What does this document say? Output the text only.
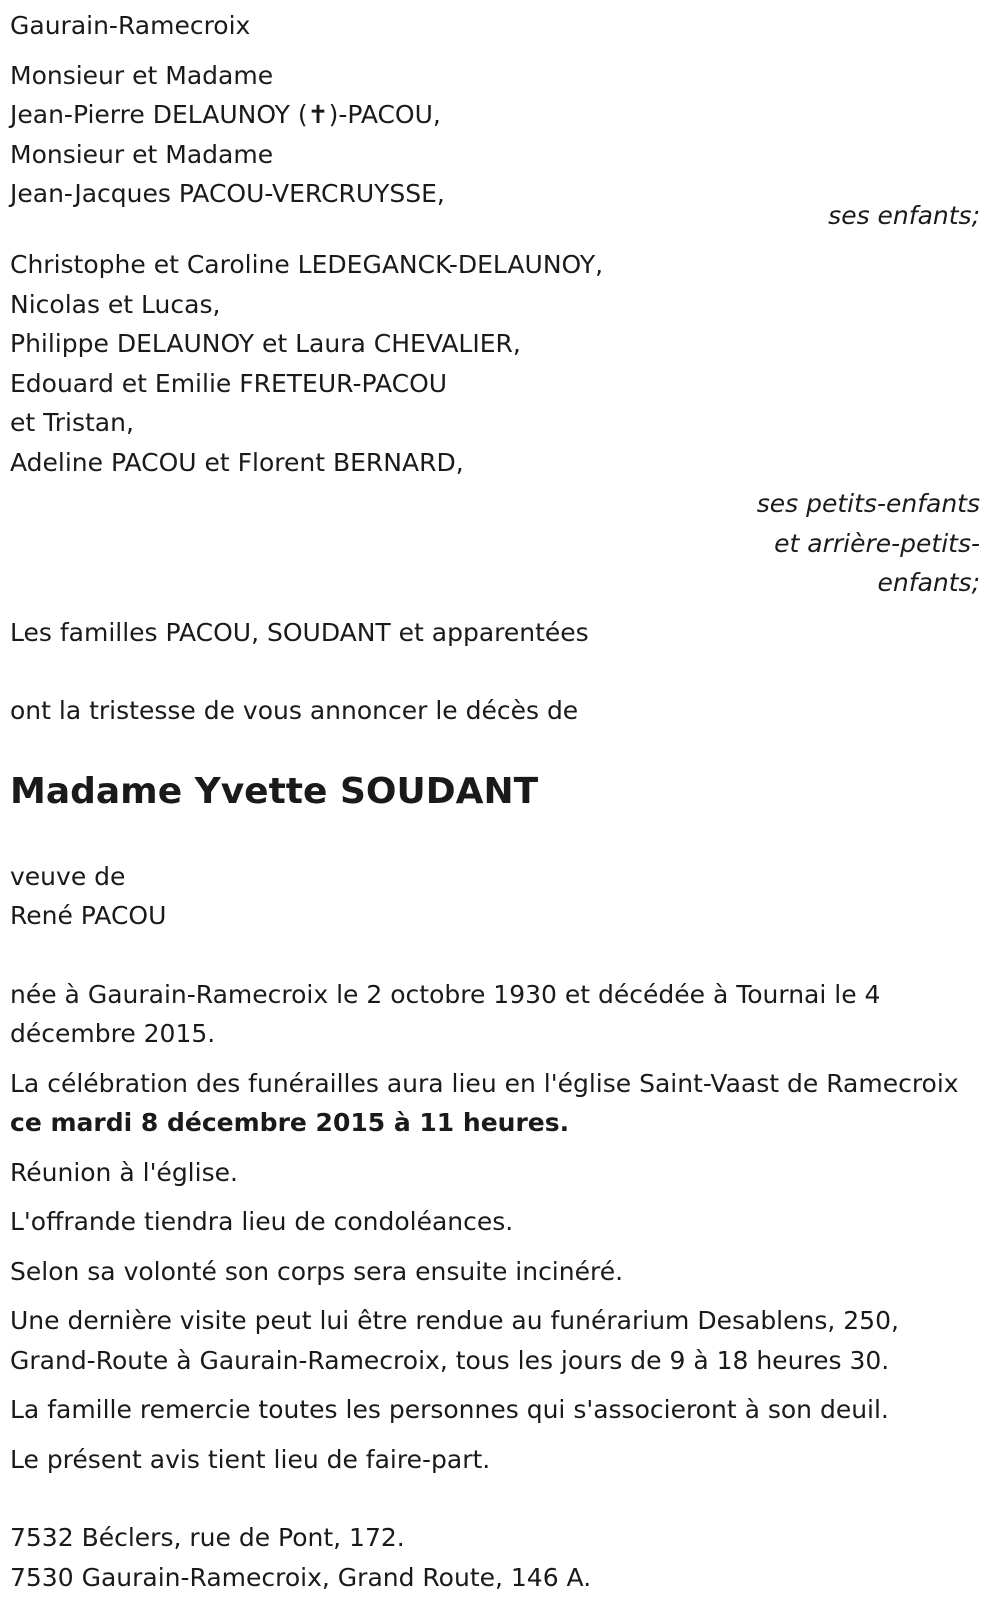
Gaurain-Ramecroix
Monsieur et Madame
Jean-Pierre DELAUNOY (✝)-PACOU,
Monsieur et Madame
Jean-Jacques PACOU-VERCRUYSSE,
ses enfants;
Christophe et Caroline LEDEGANCK-DELAUNOY,
Nicolas et Lucas,
Philippe DELAUNOY et Laura CHEVALIER,
Edouard et Emilie FRETEUR-PACOU
et Tristan,
Adeline PACOU et Florent BERNARD,
ses petits-enfants
et arrière-petits-
enfants;
Les familles PACOU, SOUDANT et apparentées
ont la tristesse de vous annoncer le décès de
Madame Yvette SOUDANT
veuve de
René PACOU

née à Gaurain-Ramecroix le 2 octobre 1930 et décédée à Tournai le 4 décembre 2015.

La célébration des funérailles aura lieu en l'église Saint-Vaast de Ramecroix ce mardi 8 décembre 2015 à 11 heures.

Réunion à l'église.

L'offrande tiendra lieu de condoléances.

Selon sa volonté son corps sera ensuite incinéré.

Une dernière visite peut lui être rendue au funérarium Desablens, 250, Grand-Route à Gaurain-Ramecroix, tous les jours de 9 à 18 heures 30.

La famille remercie toutes les personnes qui s'associeront à son deuil.

Le présent avis tient lieu de faire-part.

7532 Béclers, rue de Pont, 172.
7530 Gaurain-Ramecroix, Grand Route, 146 A.
